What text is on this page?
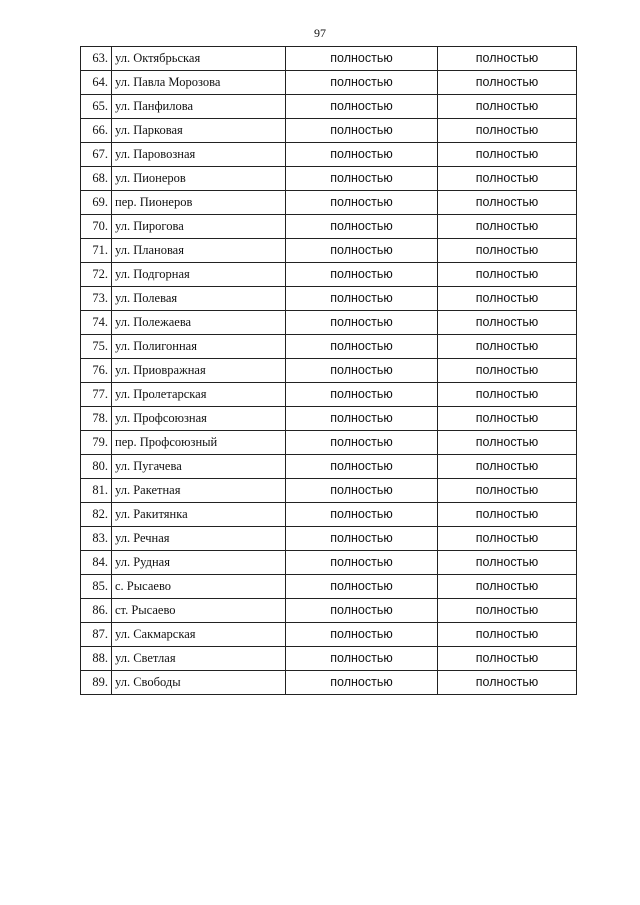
97
63.	ул. Октябрьская	полностью	полностью
64.	ул. Павла Морозова	полностью	полностью
65.	ул. Панфилова	полностью	полностью
66.	ул. Парковая	полностью	полностью
67.	ул. Паровозная	полностью	полностью
68.	ул. Пионеров	полностью	полностью
69.	пер. Пионеров	полностью	полностью
70.	ул. Пирогова	полностью	полностью
71.	ул. Плановая	полностью	полностью
72.	ул. Подгорная	полностью	полностью
73.	ул. Полевая	полностью	полностью
74.	ул. Полежаева	полностью	полностью
75.	ул. Полигонная	полностью	полностью
76.	ул. Приовражная	полностью	полностью
77.	ул. Пролетарская	полностью	полностью
78.	ул. Профсоюзная	полностью	полностью
79.	пер. Профсоюзный	полностью	полностью
80.	ул. Пугачева	полностью	полностью
81.	ул. Ракетная	полностью	полностью
82.	ул. Ракитянка	полностью	полностью
83.	ул. Речная	полностью	полностью
84.	ул. Рудная	полностью	полностью
85.	с. Рысаево	полностью	полностью
86.	ст. Рысаево	полностью	полностью
87.	ул. Сакмарская	полностью	полностью
88.	ул. Светлая	полностью	полностью
89.	ул. Свободы	полностью	полностью
